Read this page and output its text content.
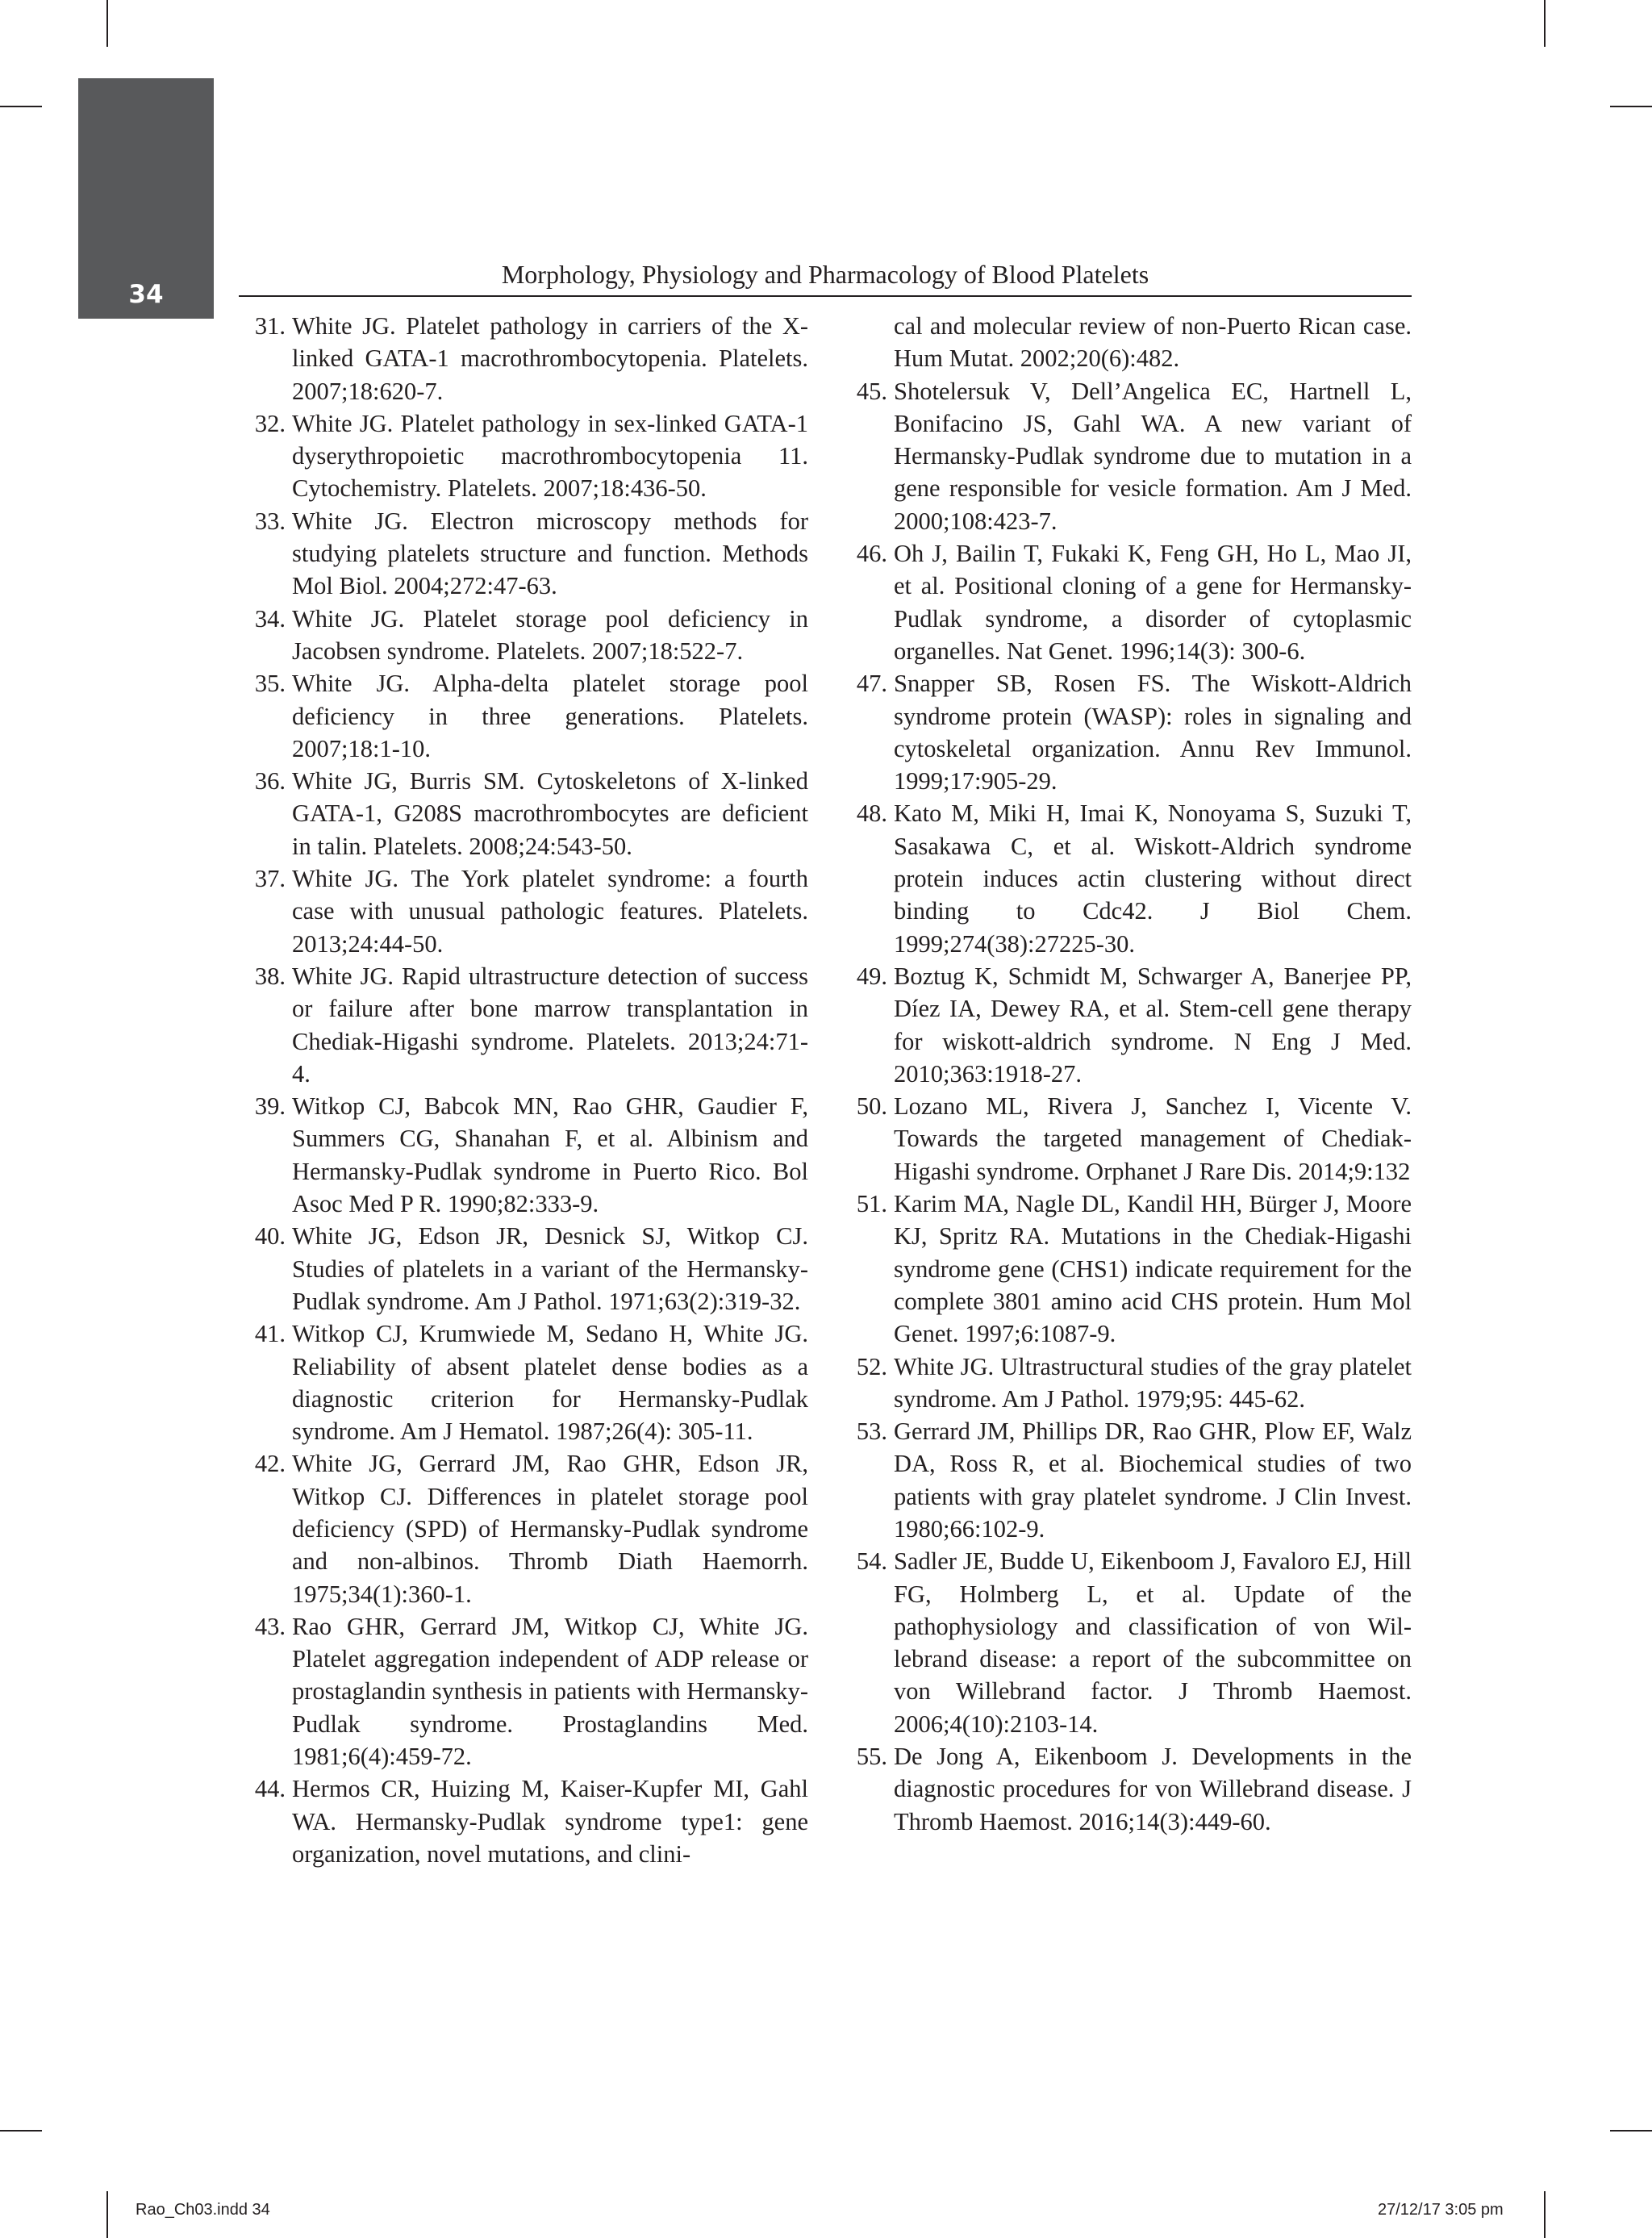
34
Morphology, Physiology and Pharmacology of Blood Platelets
31. White JG. Platelet pathology in carriers of the X-linked GATA-1 macrothrombocytopenia. Platelets. 2007;18:620-7.
32. White JG. Platelet pathology in sex-linked GATA-1 dyserythropoietic macrothrombocytopenia 11. Cytochemistry. Platelets. 2007;18:436-50.
33. White JG. Electron microscopy methods for studying platelets structure and function. Methods Mol Biol. 2004;272:47-63.
34. White JG. Platelet storage pool deficiency in Jacobsen syndrome. Platelets. 2007;18:522-7.
35. White JG. Alpha-delta platelet storage pool deficiency in three generations. Platelets. 2007;18:1-10.
36. White JG, Burris SM. Cytoskeletons of X-linked GATA-1, G208S macrothrombocytes are deficient in talin. Platelets. 2008;24:543-50.
37. White JG. The York platelet syndrome: a fourth case with unusual pathologic features. Platelets. 2013;24:44-50.
38. White JG. Rapid ultrastructure detection of success or failure after bone marrow transplantation in Chediak-Higashi syndrome. Platelets. 2013;24:71-4.
39. Witkop CJ, Babcok MN, Rao GHR, Gaudier F, Summers CG, Shanahan F, et al. Albinism and Hermansky-Pudlak syndrome in Puerto Rico. Bol Asoc Med P R. 1990;82:333-9.
40. White JG, Edson JR, Desnick SJ, Witkop CJ. Studies of platelets in a variant of the Hermansky-Pudlak syndrome. Am J Pathol. 1971;63(2):319-32.
41. Witkop CJ, Krumwiede M, Sedano H, White JG. Reliability of absent platelet dense bodies as a diagnostic criterion for Hermansky-Pudlak syndrome. Am J Hematol. 1987;26(4): 305-11.
42. White JG, Gerrard JM, Rao GHR, Edson JR, Witkop CJ. Differences in platelet storage pool deficiency (SPD) of Hermansky-Pudlak syndrome and non-albinos. Thromb Diath Haemorrh. 1975;34(1):360-1.
43. Rao GHR, Gerrard JM, Witkop CJ, White JG. Platelet aggregation independent of ADP release or prostaglandin synthesis in patients with Hermansky-Pudlak syndrome. Prostaglandins Med. 1981;6(4):459-72.
44. Hermos CR, Huizing M, Kaiser-Kupfer MI, Gahl WA. Hermansky-Pudlak syndrome type1: gene organization, novel mutations, and clini-
cal and molecular review of non-Puerto Rican case. Hum Mutat. 2002;20(6):482.
45. Shotelersuk V, Dell’Angelica EC, Hartnell L, Bonifacino JS, Gahl WA. A new variant of Hermansky-Pudlak syndrome due to mutation in a gene responsible for vesicle formation. Am J Med. 2000;108:423-7.
46. Oh J, Bailin T, Fukaki K, Feng GH, Ho L, Mao JI, et al. Positional cloning of a gene for Hermansky-Pudlak syndrome, a disorder of cytoplasmic organelles. Nat Genet. 1996;14(3): 300-6.
47. Snapper SB, Rosen FS. The Wiskott-Aldrich syndrome protein (WASP): roles in signaling and cytoskeletal organization. Annu Rev Immunol. 1999;17:905-29.
48. Kato M, Miki H, Imai K, Nonoyama S, Suzuki T, Sasakawa C, et al. Wiskott-Aldrich syndrome protein induces actin clustering without direct binding to Cdc42. J Biol Chem. 1999;274(38):27225-30.
49. Boztug K, Schmidt M, Schwarger A, Banerjee PP, Díez IA, Dewey RA, et al. Stem-cell gene therapy for wiskott-aldrich syndrome. N Eng J Med. 2010;363:1918-27.
50. Lozano ML, Rivera J, Sanchez I, Vicente V. Towards the targeted management of Chediak-Higashi syndrome. Orphanet J Rare Dis. 2014;9:132
51. Karim MA, Nagle DL, Kandil HH, Bürger J, Moore KJ, Spritz RA. Mutations in the Chediak-Higashi syndrome gene (CHS1) indicate requirement for the complete 3801 amino acid CHS protein. Hum Mol Genet. 1997;6:1087-9.
52. White JG. Ultrastructural studies of the gray platelet syndrome. Am J Pathol. 1979;95: 445-62.
53. Gerrard JM, Phillips DR, Rao GHR, Plow EF, Walz DA, Ross R, et al. Biochemical studies of two patients with gray platelet syndrome. J Clin Invest. 1980;66:102-9.
54. Sadler JE, Budde U, Eikenboom J, Favaloro EJ, Hill FG, Holmberg L, et al. Update of the pathophysiology and classification of von Willebrand disease: a report of the subcommittee on von Willebrand factor. J Thromb Haemost. 2006;4(10):2103-14.
55. De Jong A, Eikenboom J. Developments in the diagnostic procedures for von Willebrand disease. J Thromb Haemost. 2016;14(3):449-60.
Rao_Ch03.indd 34	27/12/17 3:05 pm
